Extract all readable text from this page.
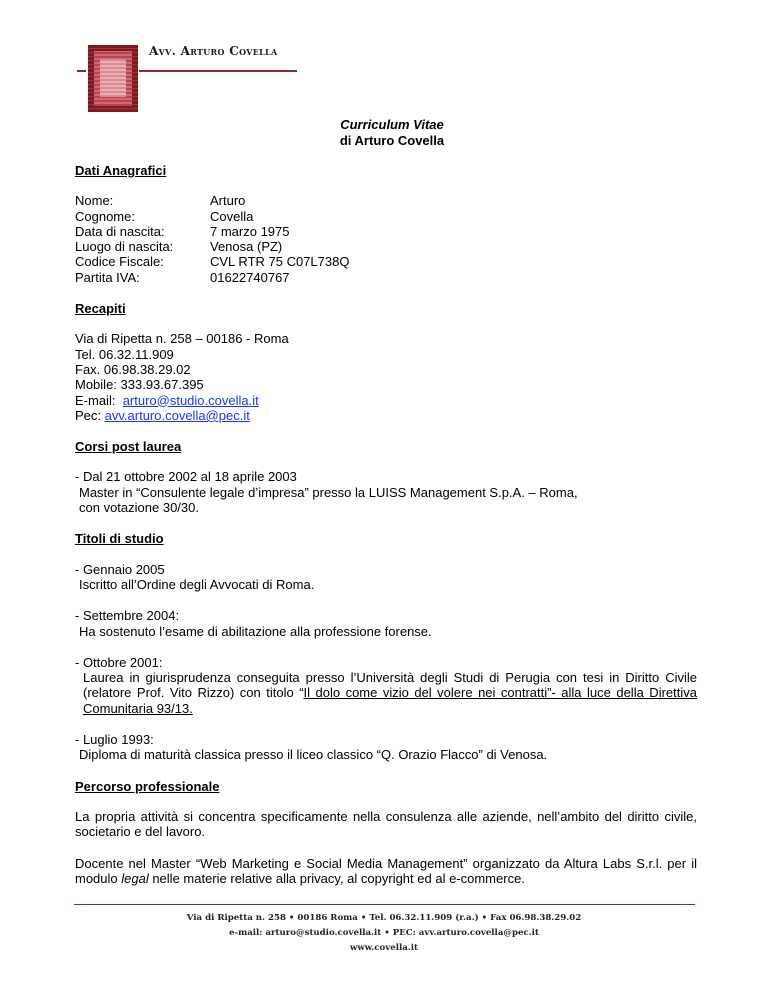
Avv. Arturo Covella
Curriculum Vitae
di Arturo Covella

Dati Anagrafici

Nome:	Arturo
Cognome:	Covella
Data di nascita:	7 marzo 1975
Luogo di nascita:	Venosa (PZ)
Codice Fiscale:	CVL RTR 75 C07L738Q
Partita IVA:	01622740767

Recapiti

Via di Ripetta n. 258 – 00186 - Roma

Tel. 06.32.11.909

Fax. 06.98.38.29.02

Mobile: 333.93.67.395

E-mail: arturo@studio.covella.it

Pec: avv.arturo.covella@pec.it

Corsi post laurea

- Dal 21 ottobre 2002 al 18 aprile 2003

Master in “Consulente legale d’impresa” presso la LUISS Management S.p.A. – Roma,

con votazione 30/30.

Titoli di studio

- Gennaio 2005

Iscritto all’Ordine degli Avvocati di Roma.

- Settembre 2004:

Ha sostenuto l’esame di abilitazione alla professione forense.

- Ottobre 2001:

Laurea in giurisprudenza conseguita presso l’Università degli Studi di Perugia con tesi in Diritto Civile (relatore Prof. Vito Rizzo) con titolo “Il dolo come vizio del volere nei contratti”- alla luce della Direttiva Comunitaria 93/13.

- Luglio 1993:

Diploma di maturità classica presso il liceo classico “Q. Orazio Flacco” di Venosa.

Percorso professionale

La propria attività si concentra specificamente nella consulenza alle aziende, nell’ambito del diritto civile, societario e del lavoro.

Docente nel Master “Web Marketing e Social Media Management” organizzato da Altura Labs S.r.l. per il modulo legal nelle materie relative alla privacy, al copyright ed al e-commerce.

Via di Ripetta n. 258 • 00186 Roma • Tel. 06.32.11.909 (r.a.) • Fax 06.98.38.29.02
e-mail: arturo@studio.covella.it • PEC: avv.arturo.covella@pec.it
www.covella.it
